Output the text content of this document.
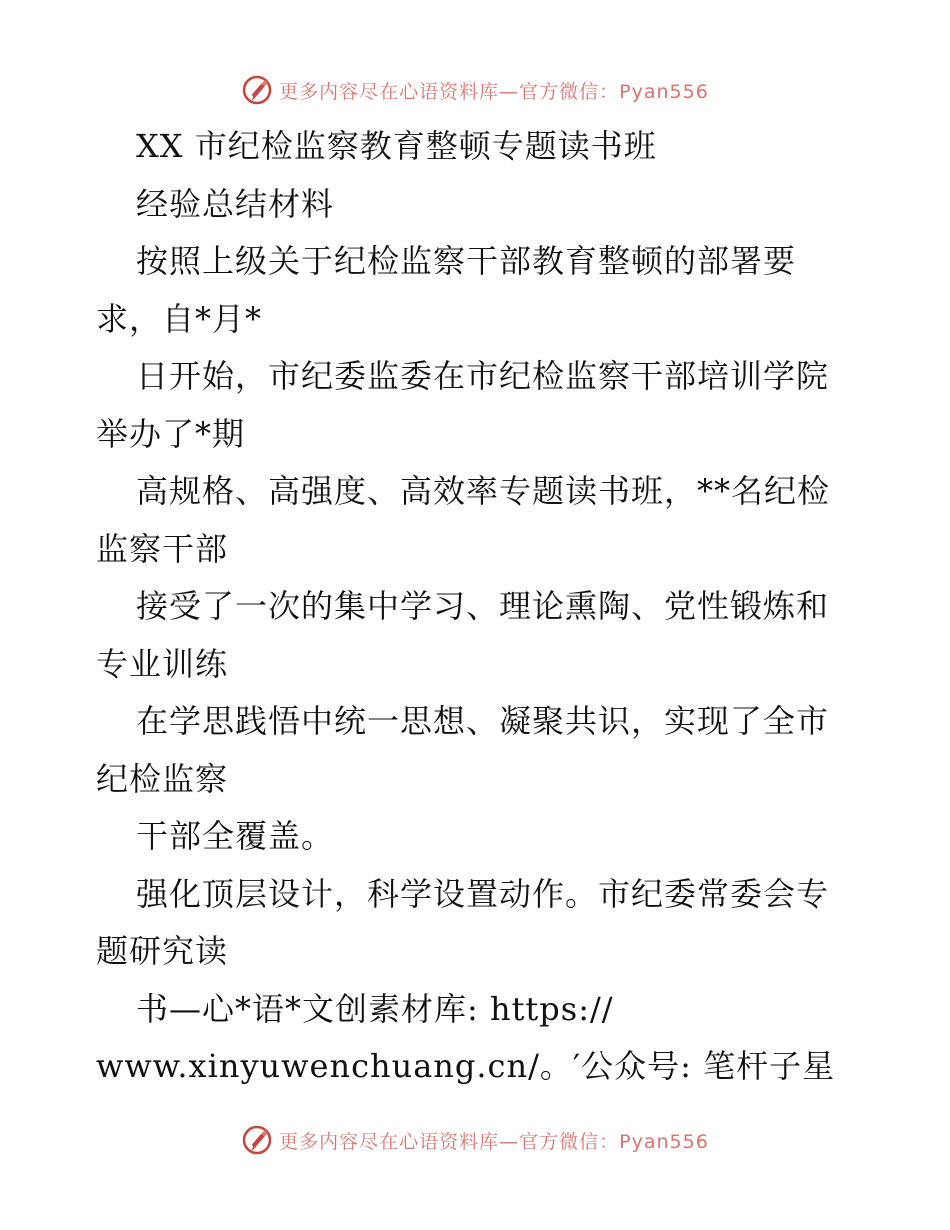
更多内容尽在心语资料库—官方微信：Pyan556
XX 市纪检监察教育整顿专题读书班
经验总结材料
按照上级关于纪检监察干部教育整顿的部署要
求，自*月*
日开始，市纪委监委在市纪检监察干部培训学院
举办了*期
高规格、高强度、高效率专题读书班，**名纪检
监察干部
接受了一次的集中学习、理论熏陶、党性锻炼和
专业训练
在学思践悟中统一思想、凝聚共识，实现了全市
纪检监察
干部全覆盖。
强化顶层设计，科学设置动作。市纪委常委会专
题研究读
书—心*语*文创素材库: https://
www.xinyuwenchuang.cn/。′公众号: 笔杆子星
更多内容尽在心语资料库—官方微信：Pyan556
